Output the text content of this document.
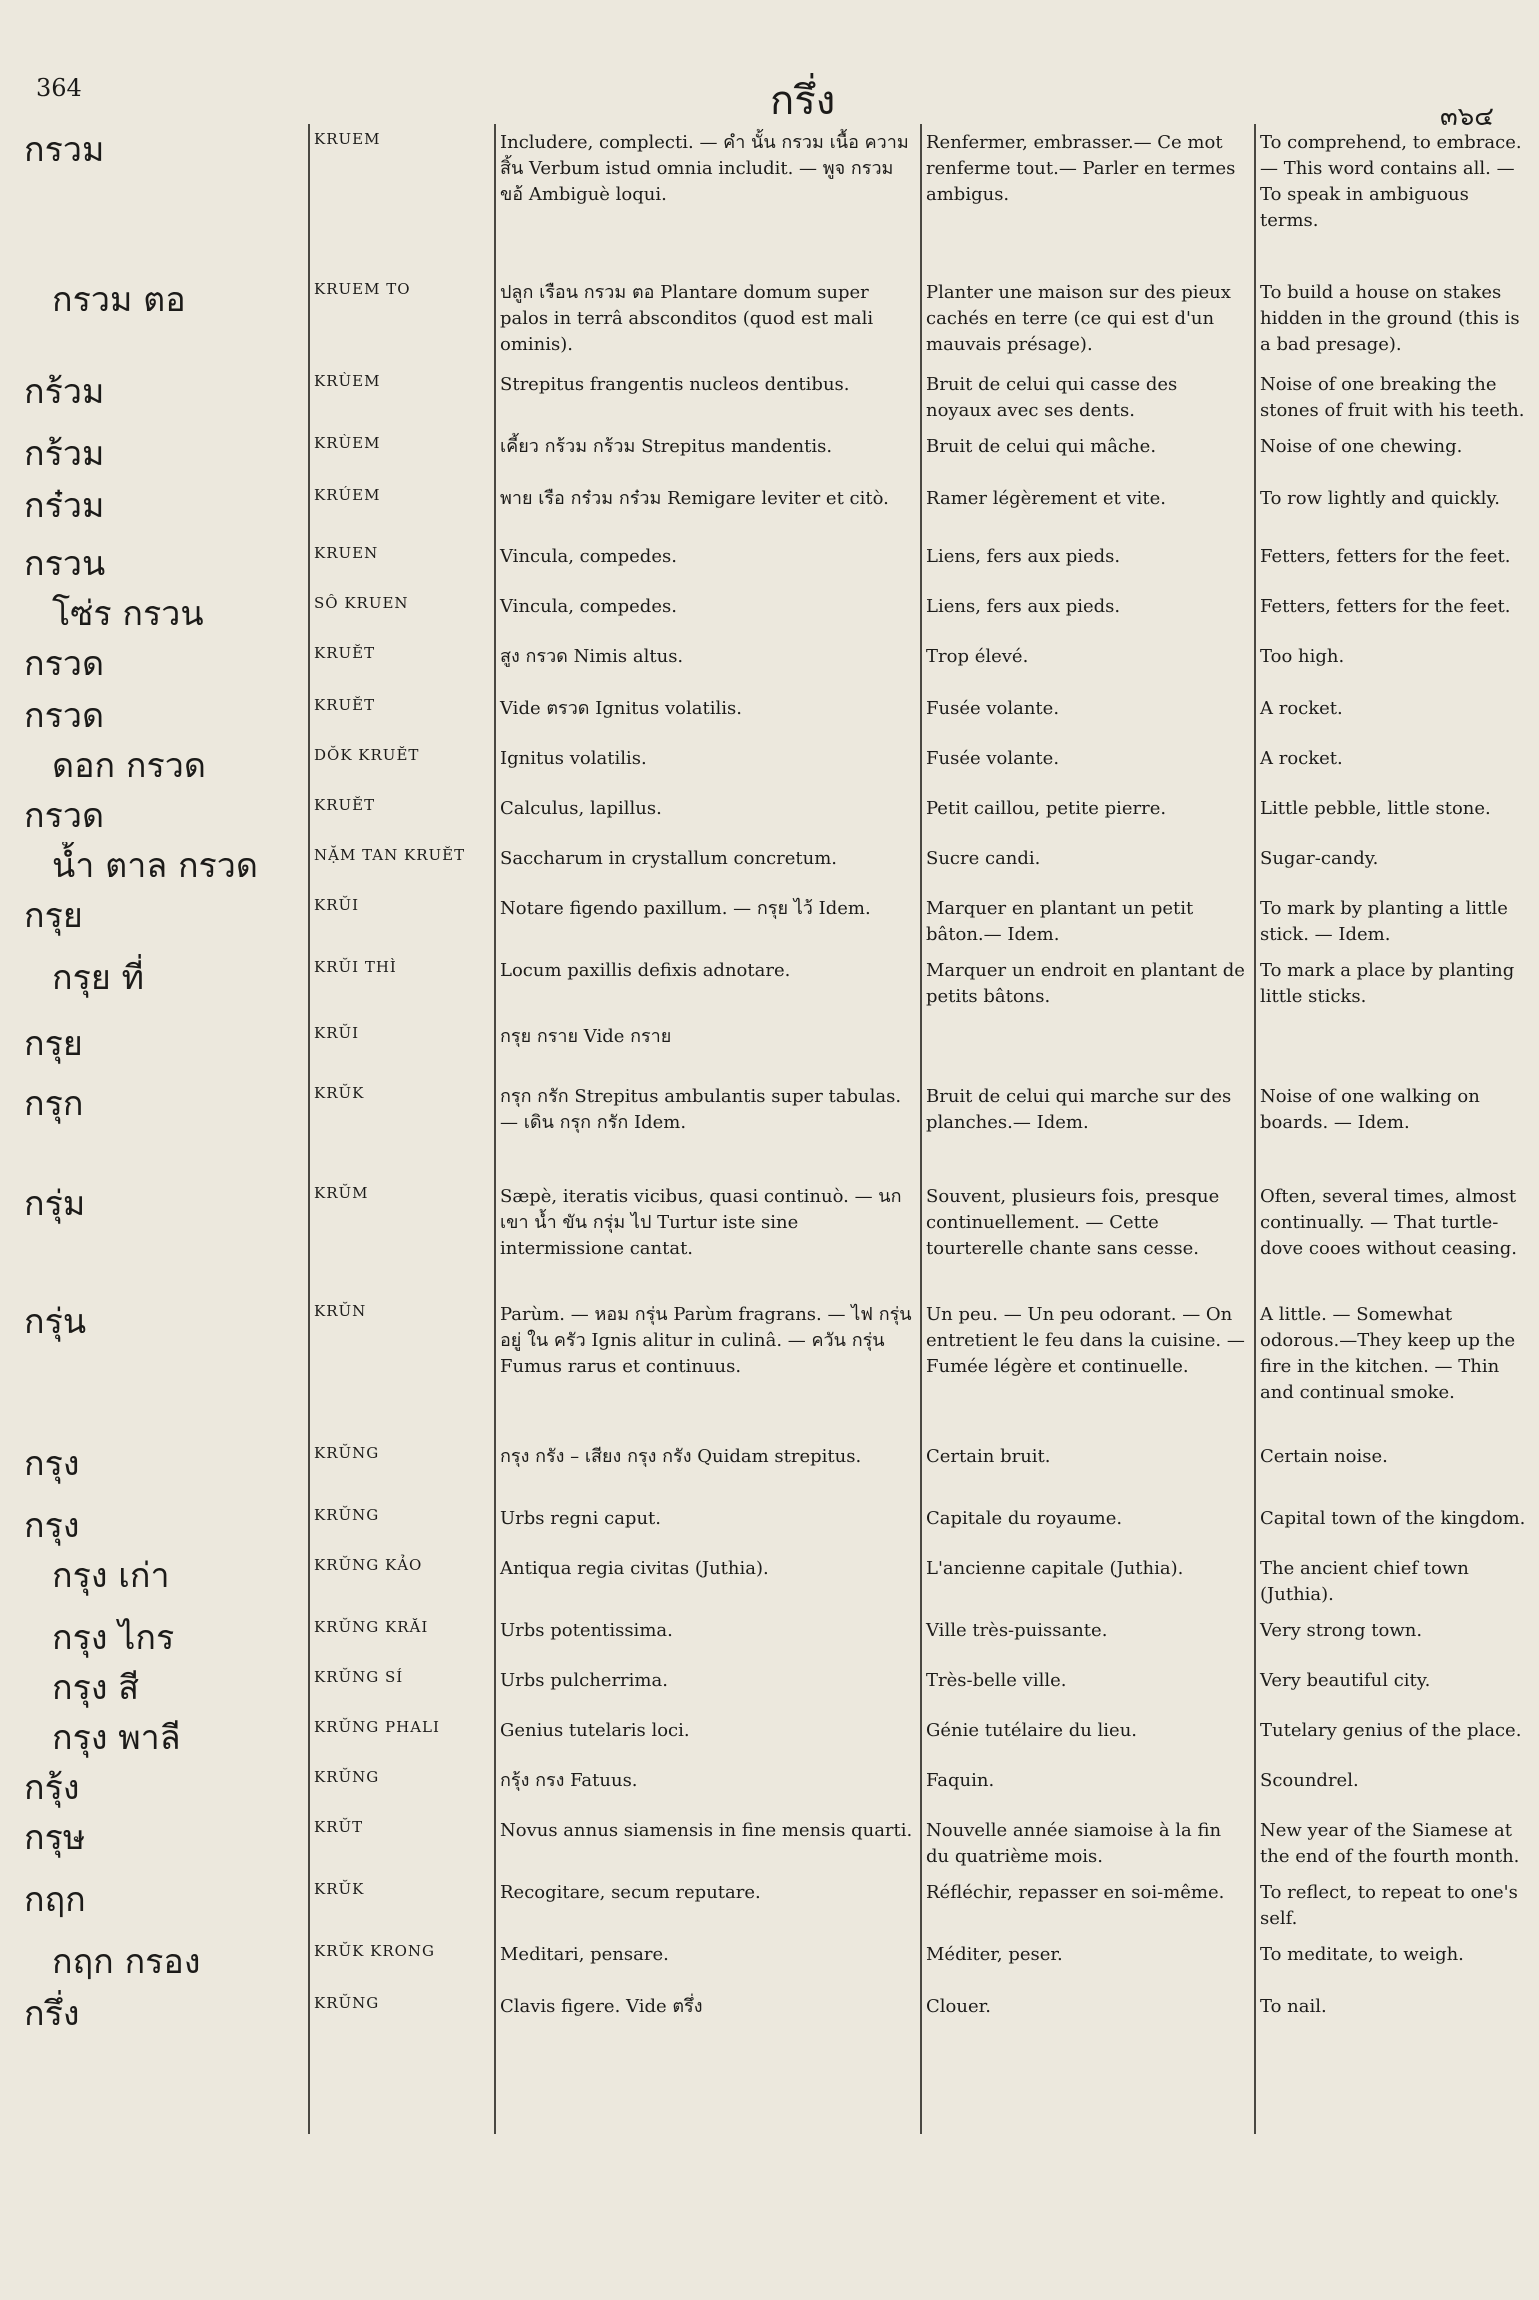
364	กรึ่ง	๓๖๔
กรวม	KRUEM	Includere, complecti. — คำ นั้น กรวม เนื้อ ความ สิ้น Verbum istud omnia includit. — พูจ กรวม ขอ้ Ambiguè loqui.	Renfermer, embrasser.— Ce mot renferme tout.— Parler en termes ambigus.	To comprehend, to embrace. — This word contains all. — To speak in ambiguous terms.
กรวม ตอ	KRUEM TO	ปลูก เรือน กรวม ตอ Plantare domum super palos in terrâ absconditos (quod est mali ominis).	Planter une maison sur des pieux cachés en terre (ce qui est d'un mauvais présage).	To build a house on stakes hidden in the ground (this is a bad presage).
กร้วม	KRÙEM	Strepitus frangentis nucleos dentibus.	Bruit de celui qui casse des noyaux avec ses dents.	Noise of one breaking the stones of fruit with his teeth.
กร้วม	KRÙEM	เคี้ยว กร้วม กร้วม Strepitus mandentis.	Bruit de celui qui mâche.	Noise of one chewing.
กร๋วม	KRÚEM	พาย เรือ กร๋วม กร๋วม Remigare leviter et citò.	Ramer légèrement et vite.	To row lightly and quickly.
กรวน	KRUEN	Vincula, compedes.	Liens, fers aux pieds.	Fetters, fetters for the feet.
โซ่ร กรวน	SÔ KRUEN	Vincula, compedes.	Liens, fers aux pieds.	Fetters, fetters for the feet.
กรวด	KRUĔT	สูง กรวด Nimis altus.	Trop élevé.	Too high.
กรวด	KRUĔT	Vide ตรวด Ignitus volatilis.	Fusée volante.	A rocket.
ดอก กรวด	DŎK KRUĔT	Ignitus volatilis.	Fusée volante.	A rocket.
กรวด	KRUĔT	Calculus, lapillus.	Petit caillou, petite pierre.	Little pebble, little stone.
น้ำ ตาล กรวด	NẶM TAN KRUĔT	Saccharum in crystallum concretum.	Sucre candi.	Sugar-candy.
กรุย	KRŬI	Notare figendo paxillum. — กรุย ไว้ Idem.	Marquer en plantant un petit bâton.— Idem.	To mark by planting a little stick. — Idem.
กรุย ที่	KRŬI THÌ	Locum paxillis defixis adnotare.	Marquer un endroit en plantant de petits bâtons.	To mark a place by planting little sticks.
กรุย	KRŬI	กรุย กราย Vide กราย		
กรุก	KRŬK	กรุก กรัก Strepitus ambulantis super tabulas. — เดิน กรุก กรัก Idem.	Bruit de celui qui marche sur des planches.— Idem.	Noise of one walking on boards. — Idem.
กรุ่ม	KRŬM	Sæpè, iteratis vicibus, quasi continuò. — นก เขา น้ำ ขัน กรุ่ม ไป Turtur iste sine intermissione cantat.	Souvent, plusieurs fois, presque continuellement. — Cette tourterelle chante sans cesse.	Often, several times, almost continually. — That turtle-dove cooes without ceasing.
กรุ่น	KRŬN	Parùm. — หอม กรุ่น Parùm fragrans. — ไฟ กรุ่น อยู่ ใน ครัว Ignis alitur in culinâ. — ควัน กรุ่น Fumus rarus et continuus.	Un peu. — Un peu odorant. — On entretient le feu dans la cuisine. — Fumée légère et continuelle.	A little. — Somewhat odorous.—They keep up the fire in the kitchen. — Thin and continual smoke.
กรุง	KRŬNG	กรุง กรัง – เสียง กรุง กรัง Quidam strepitus.	Certain bruit.	Certain noise.
กรุง	KRŬNG	Urbs regni caput.	Capitale du royaume.	Capital town of the kingdom.
กรุง เก่า	KRŬNG KẢO	Antiqua regia civitas (Juthia).	L'ancienne capitale (Juthia).	The ancient chief town (Juthia).
กรุง ไกร	KRŬNG KRĂI	Urbs potentissima.	Ville très-puissante.	Very strong town.
กรุง สี	KRŬNG SÍ	Urbs pulcherrima.	Très-belle ville.	Very beautiful city.
กรุง พาลี	KRŬNG PHALI	Genius tutelaris loci.	Génie tutélaire du lieu.	Tutelary genius of the place.
กรุ้ง	KRŬNG	กรุ้ง กรง Fatuus.	Faquin.	Scoundrel.
กรุษ	KRŬT	Novus annus siamensis in fine mensis quarti.	Nouvelle année siamoise à la fin du quatrième mois.	New year of the Siamese at the end of the fourth month.
กฤก	KRŬK	Recogitare, secum reputare.	Réfléchir, repasser en soi-même.	To reflect, to repeat to one's self.
กฤก กรอง	KRŬK KRONG	Meditari, pensare.	Méditer, peser.	To meditate, to weigh.
กรึ่ง	KRŬNG	Clavis figere. Vide ตรึ่ง	Clouer.	To nail.
